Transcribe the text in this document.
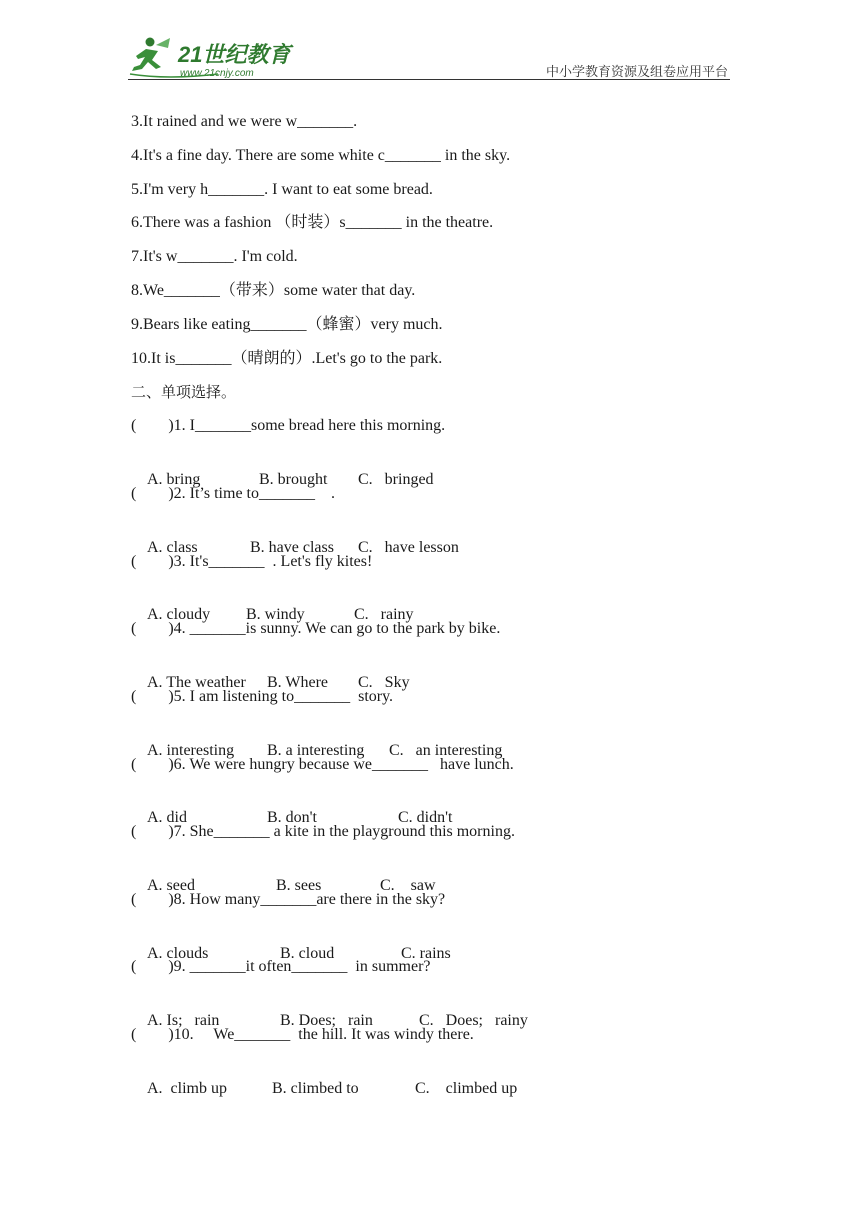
21世纪教育
www.21cnjy.com	中小学教育资源及组卷应用平台
3.It rained and we were w_______.
4.It's a fine day. There are some white c_______ in the sky.
5.I'm very h_______. I want to eat some bread.
6.There was a fashion （时装）s_______ in the theatre.
7.It's w_______. I'm cold.
8.We_______（带来）some water that day.
9.Bears like eating_______（蜂蜜）very much.
10.It is_______（晴朗的）.Let's go to the park.
二、单项选择。
(        )1. I_______some bread here this morning.

A. bring	B. brought C.   bringed

(        )2. It’s time to_______    .

A. class	B. have class C.   have lesson

(        )3. It's_______  . Let's fly kites!

A. cloudy B. windy	C.   rainy

(        )4. _______is sunny. We can go to the park by bike.

A. The weather B. Where C.   Sky

(        )5. I am listening to_______  story.

A. interesting B. a interesting C.   an interesting

(        )6. We were hungry because we_______   have lunch.

A. did	B. don't	C. didn't

(        )7. She_______ a kite in the playground this morning.

A. seed	B. sees	C.    saw

(        )8. How many_______are there in the sky?

A. clouds	B. cloud	C. rains

(        )9. _______it often_______  in summer?

A. Is;   rain	B. Does;   rain	C.   Does;   rainy

(        )10.     We_______  the hill. It was windy there.

A.  climb up	B. climbed to	C.    climbed up
